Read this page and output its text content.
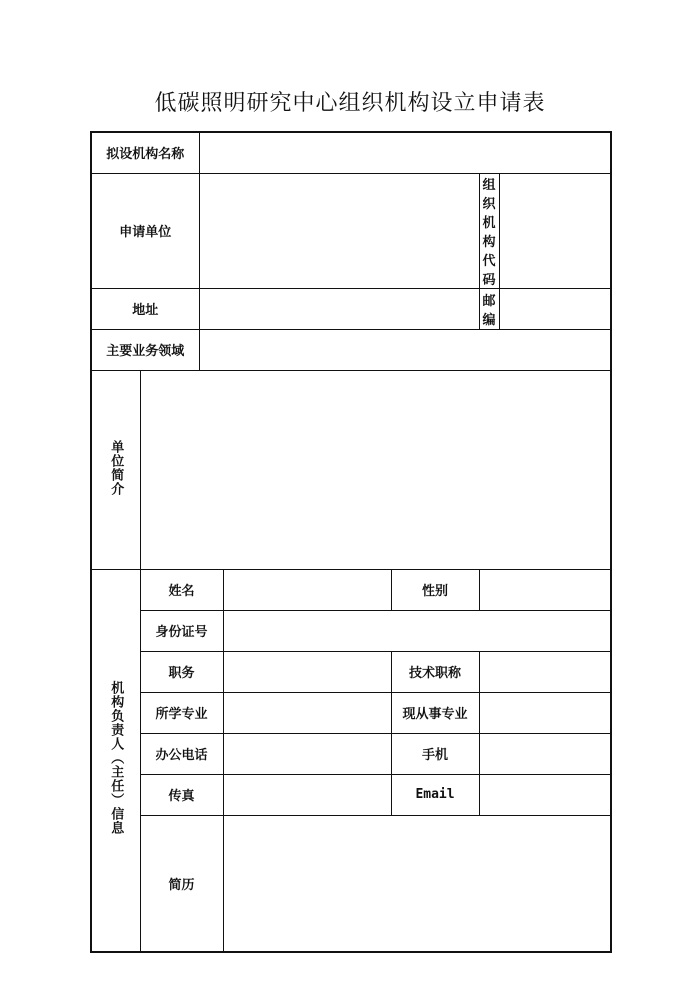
低碳照明研究中心组织机构设立申请表
拟设机构名称						
申请单位					组织机构代码	
地址					邮编	
主要业务领域						
单位简介						
机构负责人（主任）信息	姓名			性别		
	身份证号					
	职务			技术职称		
	所学专业			现从事专业		
	办公电话			手机		
	传真			Email		
	简历					
